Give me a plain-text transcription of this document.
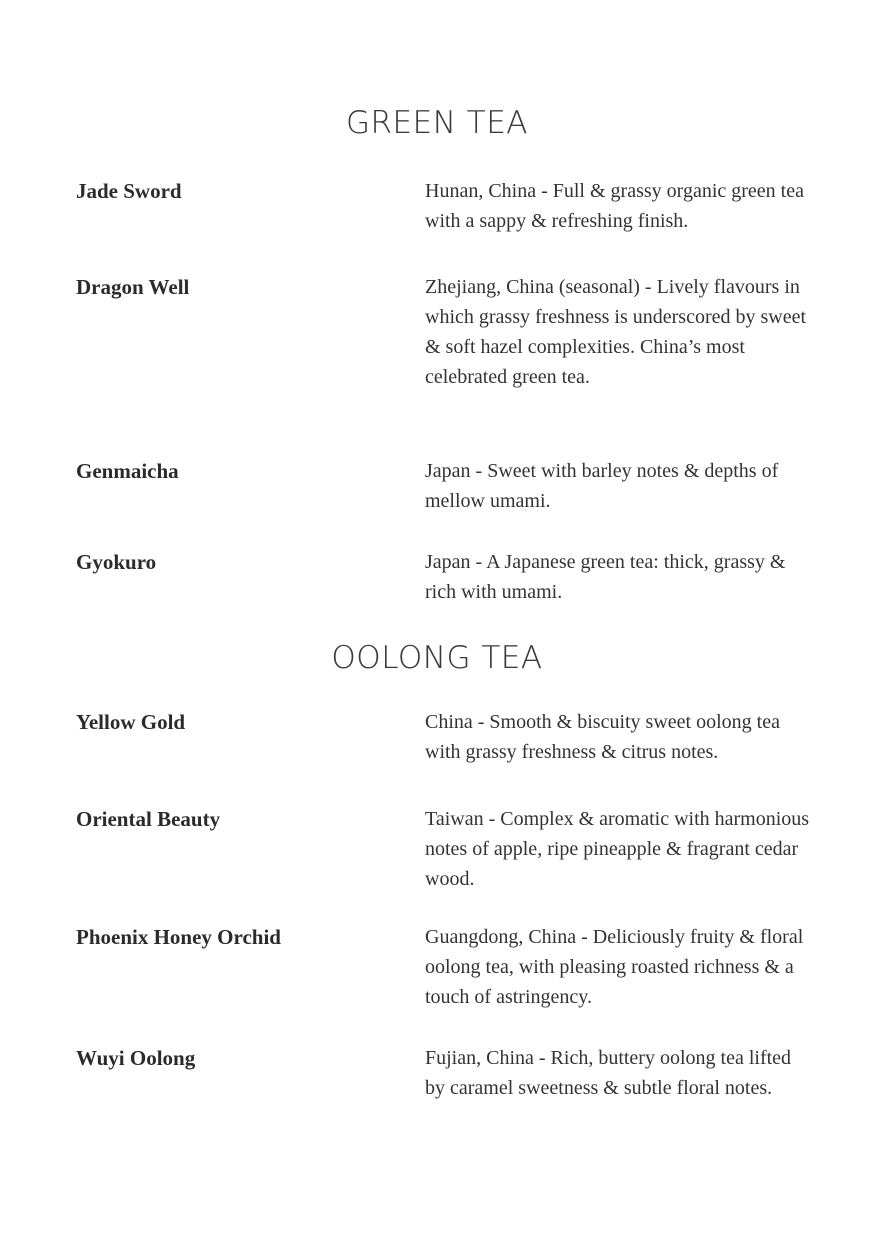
GREEN TEA
Jade Sword	Hunan, China - Full & grassy organic green tea with a sappy & refreshing finish.
Dragon Well	Zhejiang, China (seasonal) - Lively flavours in which grassy freshness is underscored by sweet & soft hazel complexities. China’s most celebrated green tea.
Genmaicha	Japan - Sweet with barley notes & depths of mellow umami.
Gyokuro	Japan - A Japanese green tea: thick, grassy & rich with umami.
OOLONG TEA
Yellow Gold	China - Smooth & biscuity sweet oolong tea with grassy freshness & citrus notes.
Oriental Beauty	Taiwan - Complex & aromatic with harmonious notes of apple, ripe pineapple & fragrant cedar wood.
Phoenix Honey Orchid	Guangdong, China - Deliciously fruity & floral oolong tea, with pleasing roasted richness & a touch of astringency.
Wuyi Oolong	Fujian, China - Rich, buttery oolong tea lifted by caramel sweetness & subtle floral notes.
